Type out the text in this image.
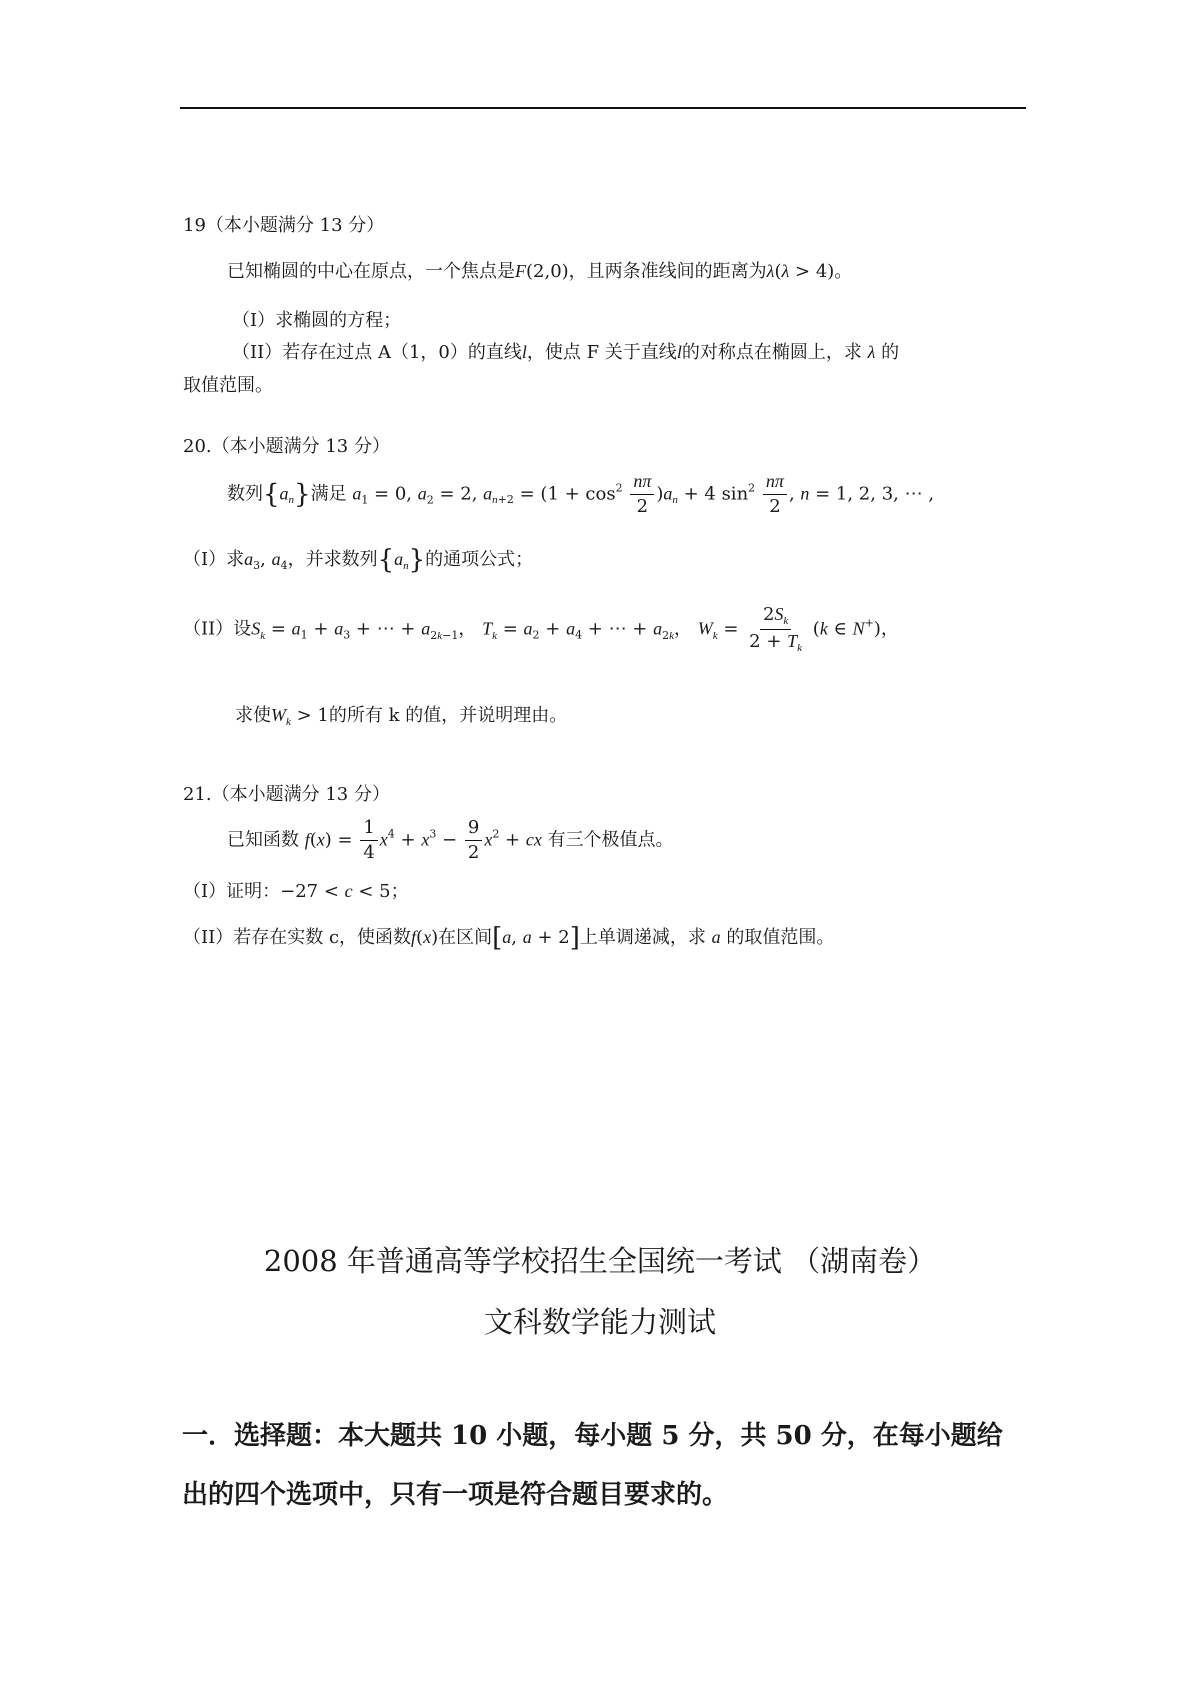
19（本小题满分 13 分）
已知椭圆的中心在原点，一个焦点是F(2,0)，且两条准线间的距离为λ(λ > 4)。
（I）求椭圆的方程；
（II）若存在过点 A（1，0）的直线l，使点 F 关于直线l的对称点在椭圆上，求 λ 的
取值范围。
20.（本小题满分 13 分）
数列$\{a_n\}$满足 $a_1 = 0$, $a_2 = 2$, $a_{n+2} = (1 + \cos^2 \frac{n\pi}{2} )a_n + 4$ $\sin^2 \frac{n\pi}{2}$ , n = 1, 2, 3, ⋯ ,
（I）求$a_3$, $a_4$，并求数列$\{a_n\}$的通项公式；
（II）设$S_k = a_1 + a_3$ + ⋯ + $a_{2k-1}$， $T_k = a_2 + a_4$ + ⋯ + $a_{2k}$， $W_k = \frac{2S_k}{2 + T_k} (k$ ∈ N+)，
求使$W_k > 1$的所有 k 的值，并说明理由。
21.（本小题满分 13 分）
已知函数 $f(x) = \frac{1}{4} x^4 + x^3 - \frac{9}{2} x^2$ + cx 有三个极值点。
（I）证明：−27 < c < 5；
（II）若存在实数 c，使函数f(x)在区间[a, a + 2]上单调递减，求 a 的取值范围。
2008 年普通高等学校招生全国统一考试 （湖南卷）
文科数学能力测试
一．选择题：本大题共 10 小题，每小题 5 分，共 50 分，在每小题给
出的四个选项中，只有一项是符合题目要求的。
